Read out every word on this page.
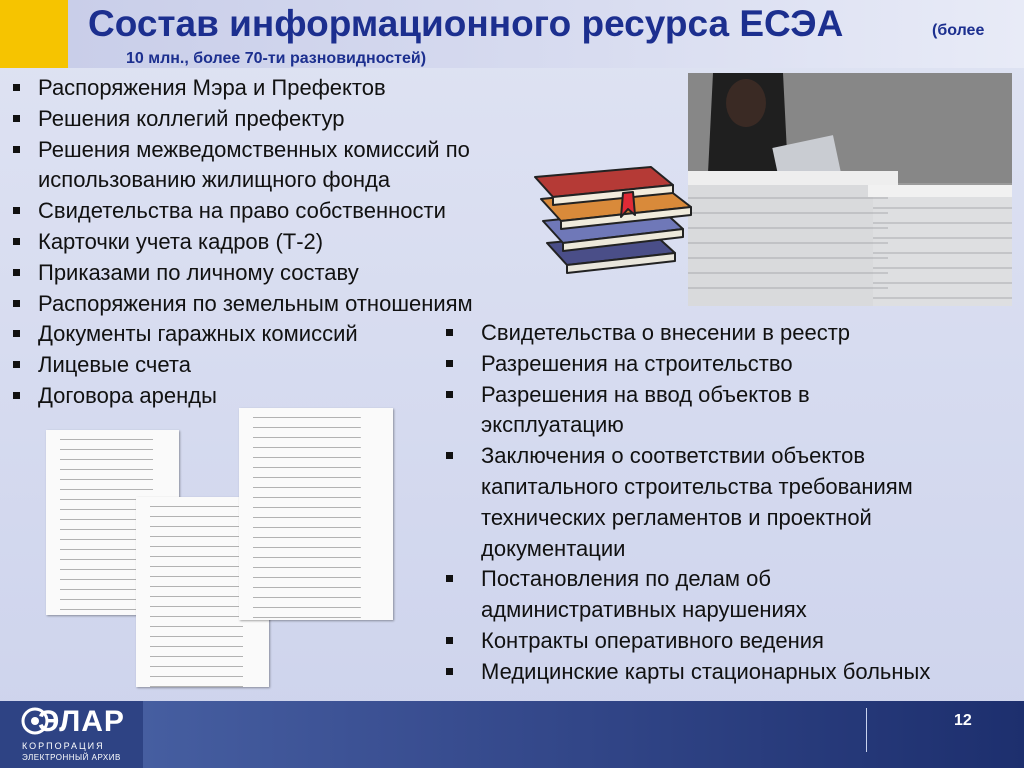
Состав информационного ресурса ЕСЭА	(более
10 млн., более 70-ти разновидностей)
Распоряжения Мэра и Префектов
Решения коллегий префектур
Решения межведомственных комиссий по использованию жилищного фонда
Свидетельства на право собственности
Карточки учета кадров (Т-2)
Приказами по личному составу
Распоряжения по земельным отношениям
Документы гаражных комиссий
Лицевые счета
Договора аренды
Свидетельства о внесении в реестр
Разрешения на строительство
Разрешения на ввод объектов в эксплуатацию
Заключения о соответствии объектов капитального строительства требованиям технических регламентов и проектной документации
Постановления по делам об административных нарушениях
Контракты оперативного ведения
Медицинские карты стационарных больных
ЭЛАР
КОРПОРАЦИЯ
ЭЛЕКТРОННЫЙ АРХИВ
12
